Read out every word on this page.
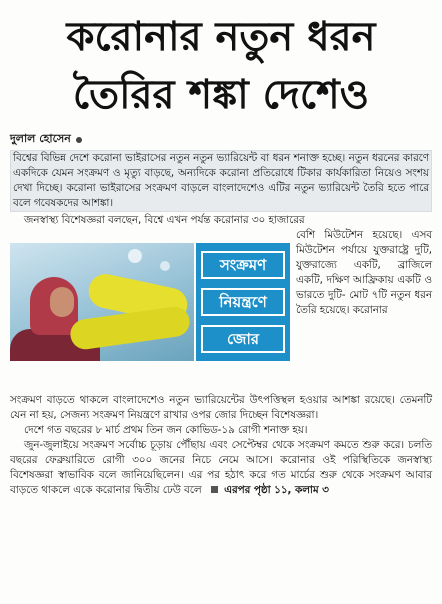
করোনার নতুন ধরন
তৈরির শঙ্কা দেশেও
দুলাল হোসেন
বিশ্বের বিভিন্ন দেশে করোনা ভাইরাসের নতুন নতুন ভ্যারিয়েন্ট বা ধরন শনাক্ত হচ্ছে। নতুন ধরনের কারণে একদিকে যেমন সংক্রমণ ও মৃত্যু বাড়ছে, অন্যদিকে করোনা প্রতিরোধে টিকার কার্যকারিতা নিয়েও সংশয় দেখা দিচ্ছে। করোনা ভাইরাসের সংক্রমণ বাড়লে বাংলাদেশেও এটির নতুন ভ্যারিয়েন্ট তৈরি হতে পারে বলে গবেষকদের আশঙ্কা।
জনস্বাস্থ্য বিশেষজ্ঞরা বলছেন, বিশ্বে এখন পর্যন্ত করোনার ৩০ হাজারের
সংক্রমণ
নিয়ন্ত্রণে
জোর
বেশি মিউটেশন হয়েছে। এসব মিউটেশন পর্যায়ে যুক্তরাষ্ট্রে দুটি, যুক্তরাজ্যে একটি, ব্রাজিলে একটি, দক্ষিণ আফ্রিকায় একটি ও ভারতে দুটি- মোট ৭টি নতুন ধরন তৈরি হয়েছে। করোনার
সংক্রমণ বাড়তে থাকলে বাংলাদেশেও নতুন ভ্যারিয়েন্টের উৎপত্তিস্থল হওয়ার আশঙ্কা রয়েছে। তেমনটি যেন না হয়, সেজন্য সংক্রমণ নিয়ন্ত্রণে রাখার ওপর জোর দিচ্ছেন বিশেষজ্ঞরা।
দেশে গত বছরের ৮ মার্চ প্রথম তিন জন কোভিড-১৯ রোগী শনাক্ত হয়।
জুন-জুলাইয়ে সংক্রমণ সর্বোচ্চ চূড়ায় পৌঁছায় এবং সেপ্টেম্বর থেকে সংক্রমণ কমতে শুরু করে। চলতি বছরের ফেব্রুয়ারিতে রোগী ৩০০ জনের নিচে নেমে আসে। করোনার ওই পরিস্থিতিকে জনস্বাস্থ্য বিশেষজ্ঞরা স্বাভাবিক বলে জানিয়েছিলেন। এর পর হঠাৎ করে গত মার্চের শুরু থেকে সংক্রমণ আবার বাড়তে থাকলে একে করোনার দ্বিতীয় ঢেউ বলে এরপর পৃষ্ঠা ১১, কলাম ৩
